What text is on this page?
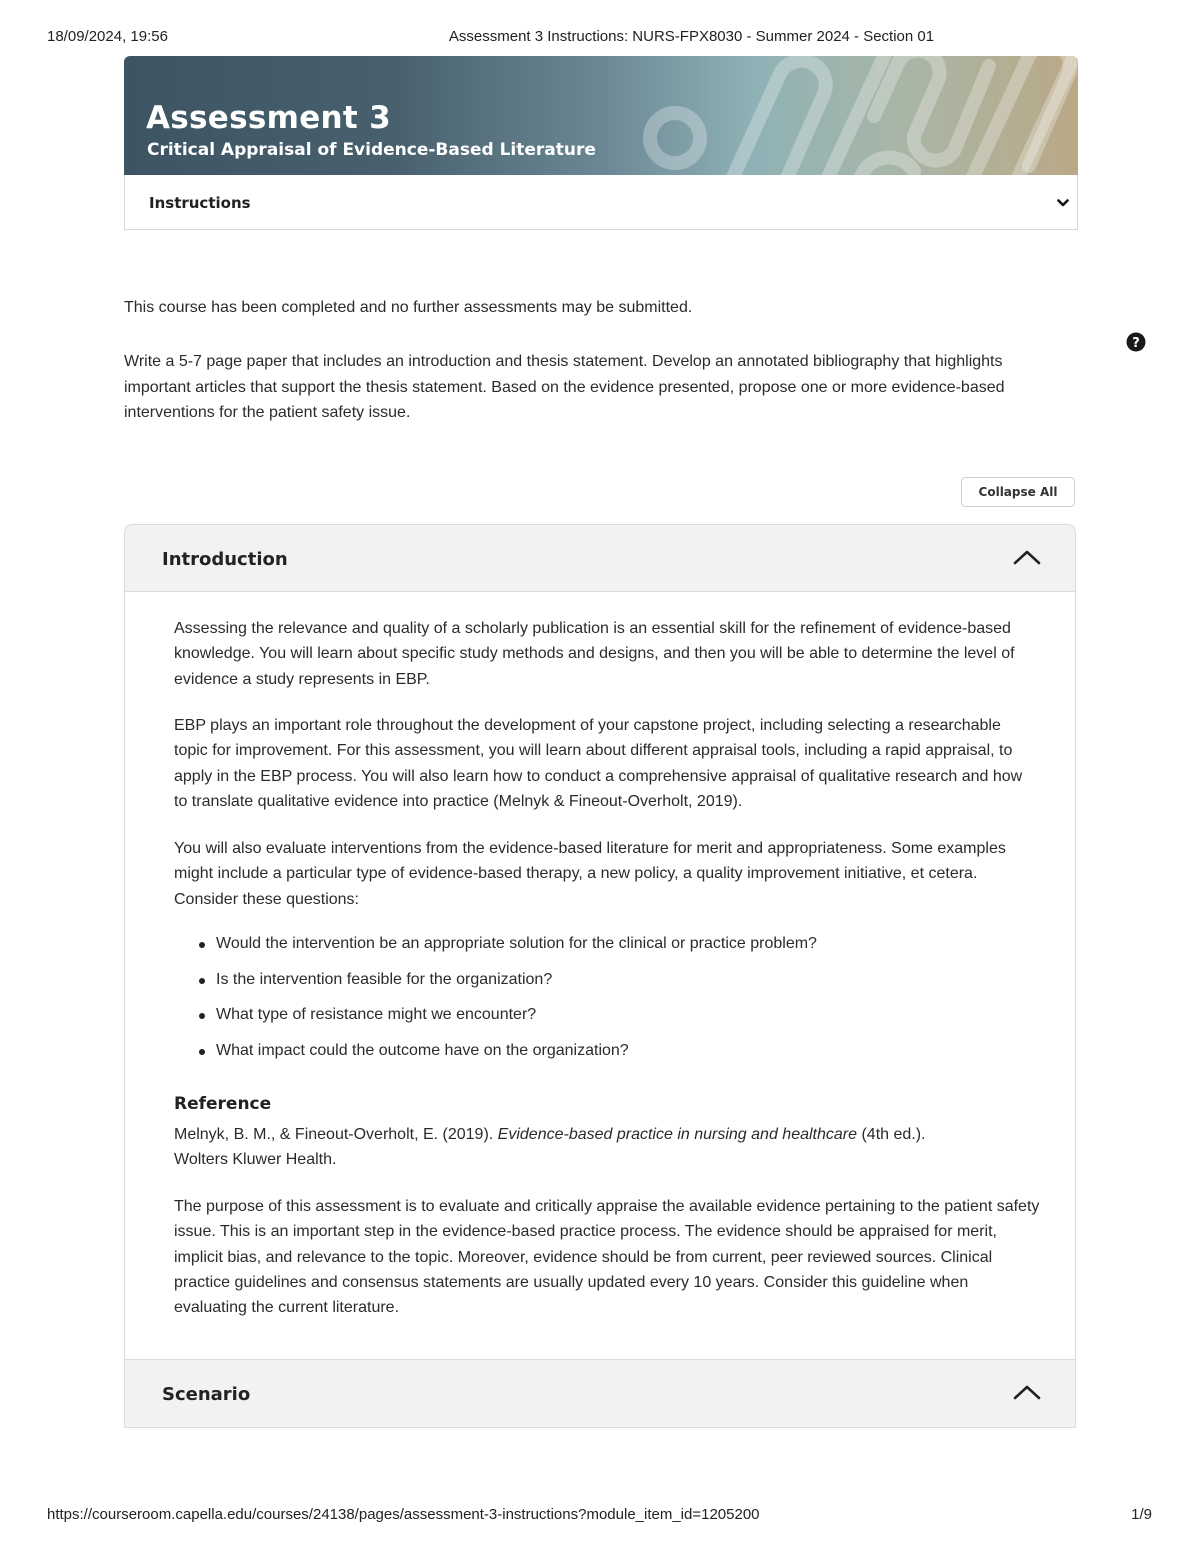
18/09/2024, 19:56	Assessment 3 Instructions: NURS-FPX8030 - Summer 2024 - Section 01
Assessment 3
Critical Appraisal of Evidence-Based Literature
Instructions
This course has been completed and no further assessments may be submitted.
?

Write a 5-7 page paper that includes an introduction and thesis statement. Develop an annotated bibliography that highlights important articles that support the thesis statement. Based on the evidence presented, propose one or more evidence-based interventions for the patient safety issue.

Collapse All
Introduction

Assessing the relevance and quality of a scholarly publication is an essential skill for the refinement of evidence-based knowledge. You will learn about specific study methods and designs, and then you will be able to determine the level of evidence a study represents in EBP.

EBP plays an important role throughout the development of your capstone project, including selecting a researchable topic for improvement. For this assessment, you will learn about different appraisal tools, including a rapid appraisal, to apply in the EBP process. You will also learn how to conduct a comprehensive appraisal of qualitative research and how to translate qualitative evidence into practice (Melnyk & Fineout-Overholt, 2019).

You will also evaluate interventions from the evidence-based literature for merit and appropriateness. Some examples might include a particular type of evidence-based therapy, a new policy, a quality improvement initiative, et cetera. Consider these questions:

Would the intervention be an appropriate solution for the clinical or practice problem?
Is the intervention feasible for the organization?
What type of resistance might we encounter?
What impact could the outcome have on the organization?
Reference

Melnyk, B. M., & Fineout-Overholt, E. (2019). Evidence-based practice in nursing and healthcare (4th ed.).
Wolters Kluwer Health.

The purpose of this assessment is to evaluate and critically appraise the available evidence pertaining to the patient safety issue. This is an important step in the evidence-based practice process. The evidence should be appraised for merit, implicit bias, and relevance to the topic. Moreover, evidence should be from current, peer reviewed sources. Clinical practice guidelines and consensus statements are usually updated every 10 years. Consider this guideline when evaluating the current literature.

Scenario
https://courseroom.capella.edu/courses/24138/pages/assessment-3-instructions?module_item_id=1205200	1/9
